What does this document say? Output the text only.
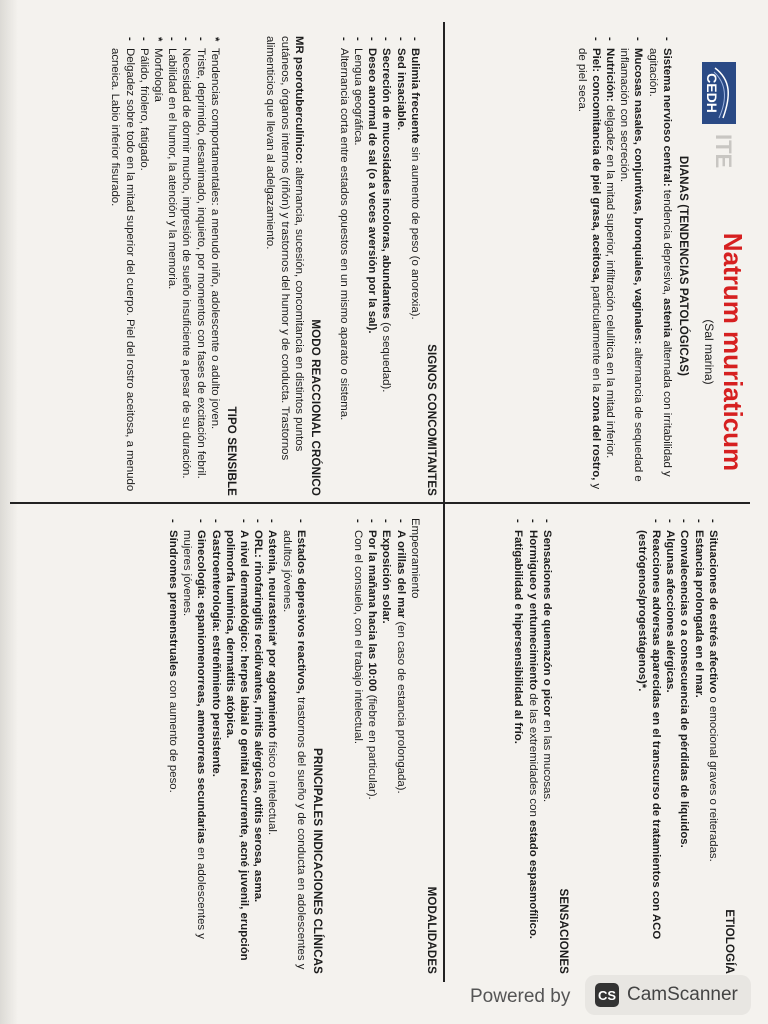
CEDH
ITE
Natrum muriaticum
(Sal marina)
DIANAS (TENDENCIAS PATOLÓGICAS)
- Sistema nervioso central: tendencia depresiva, astenia alternada con irritabilidad y agitación.
- Mucosas nasales, conjuntivas, bronquiales, vaginales: alternancia de sequedad e inflamación con secreción.
- Nutrición: delgadez en la mitad superior, infiltración celulítica en la mitad inferior.
- Piel: concomitancia de piel grasa, aceitosa, particularmente en la zona del rostro, y de piel seca.
ETIOLOGÍA
- Situaciones de estrés afectivo o emocional graves o reiteradas.
- Estancia prolongada en el mar.
- Convalecencias o a consecuencia de pérdidas de líquidos.
- Algunas afecciones alérgicas.
- Reacciones adversas aparecidas en el transcurso de tratamientos con ACO (estrógenos/progestágenos)*.
SENSACIONES
- Sensaciones de quemazón o picor en las mucosas.
- Hormigueo y entumecimiento de las extremidades con estado espasmofílico.
- Fatigabilidad e hipersensibilidad al frío.
SIGNOS CONCOMITANTES
- Bulimia frecuente sin aumento de peso (o anorexia).
- Sed insaciable.
- Secreción de mucosidades incoloras, abundantes (o sequedad).
- Deseo anormal de sal (o a veces aversión por la sal).
- Lengua geográfica.
- Alternancia corta entre estados opuestos en un mismo aparato o sistema.
MODO REACCIONAL CRÓNICO
MR psorotuberculínico: alternancia, sucesión, concomitancia en distintos puntos cutáneos, órganos internos (riñón) y trastornos del humor y de conducta. Trastornos alimenticios que llevan al adelgazamiento.
TIPO SENSIBLE
* Tendencias comportamentales: a menudo niño, adolescente o adulto joven.
- Triste, deprimido, desanimado, inquieto, por momentos con fases de excitación febril.
- Necesidad de dormir mucho, impresión de sueño insuficiente a pesar de su duración.
- Labilidad en el humor, la atención y la memoria.
* Morfología
- Pálido, friolero, fatigado.
- Delgadez sobre todo en la mitad superior del cuerpo. Piel del rostro aceitosa, a menudo acneica. Labio inferior fisurado.
MODALIDADES
Empeoramiento
- A orillas del mar (en caso de estancia prolongada).
- Exposición solar.
- Por la mañana hacia las 10:00 (fiebre en particular).
- Con el consuelo, con el trabajo intelectual.
PRINCIPALES INDICACIONES CLÍNICAS
- Estados depresivos reactivos, trastornos del sueño y de conducta en adolescentes y adultos jóvenes.
- Astenia, neurastenia* por agotamiento físico o intelectual.
- ORL: rinofaringitis recidivantes, rinitis alérgicas, otitis serosa, asma.
- A nivel dermatológico: herpes labial o genital recurrente, acné juvenil, erupción polimorfa lumínica, dermatitis atópica.
- Gastroenterología: estreñimiento persistente.
- Ginecología: espaniomenorreas, amenorreas secundarias en adolescentes y mujeres jóvenes.
- Síndromes premenstruales con aumento de peso.
Powered by CS CamScanner
